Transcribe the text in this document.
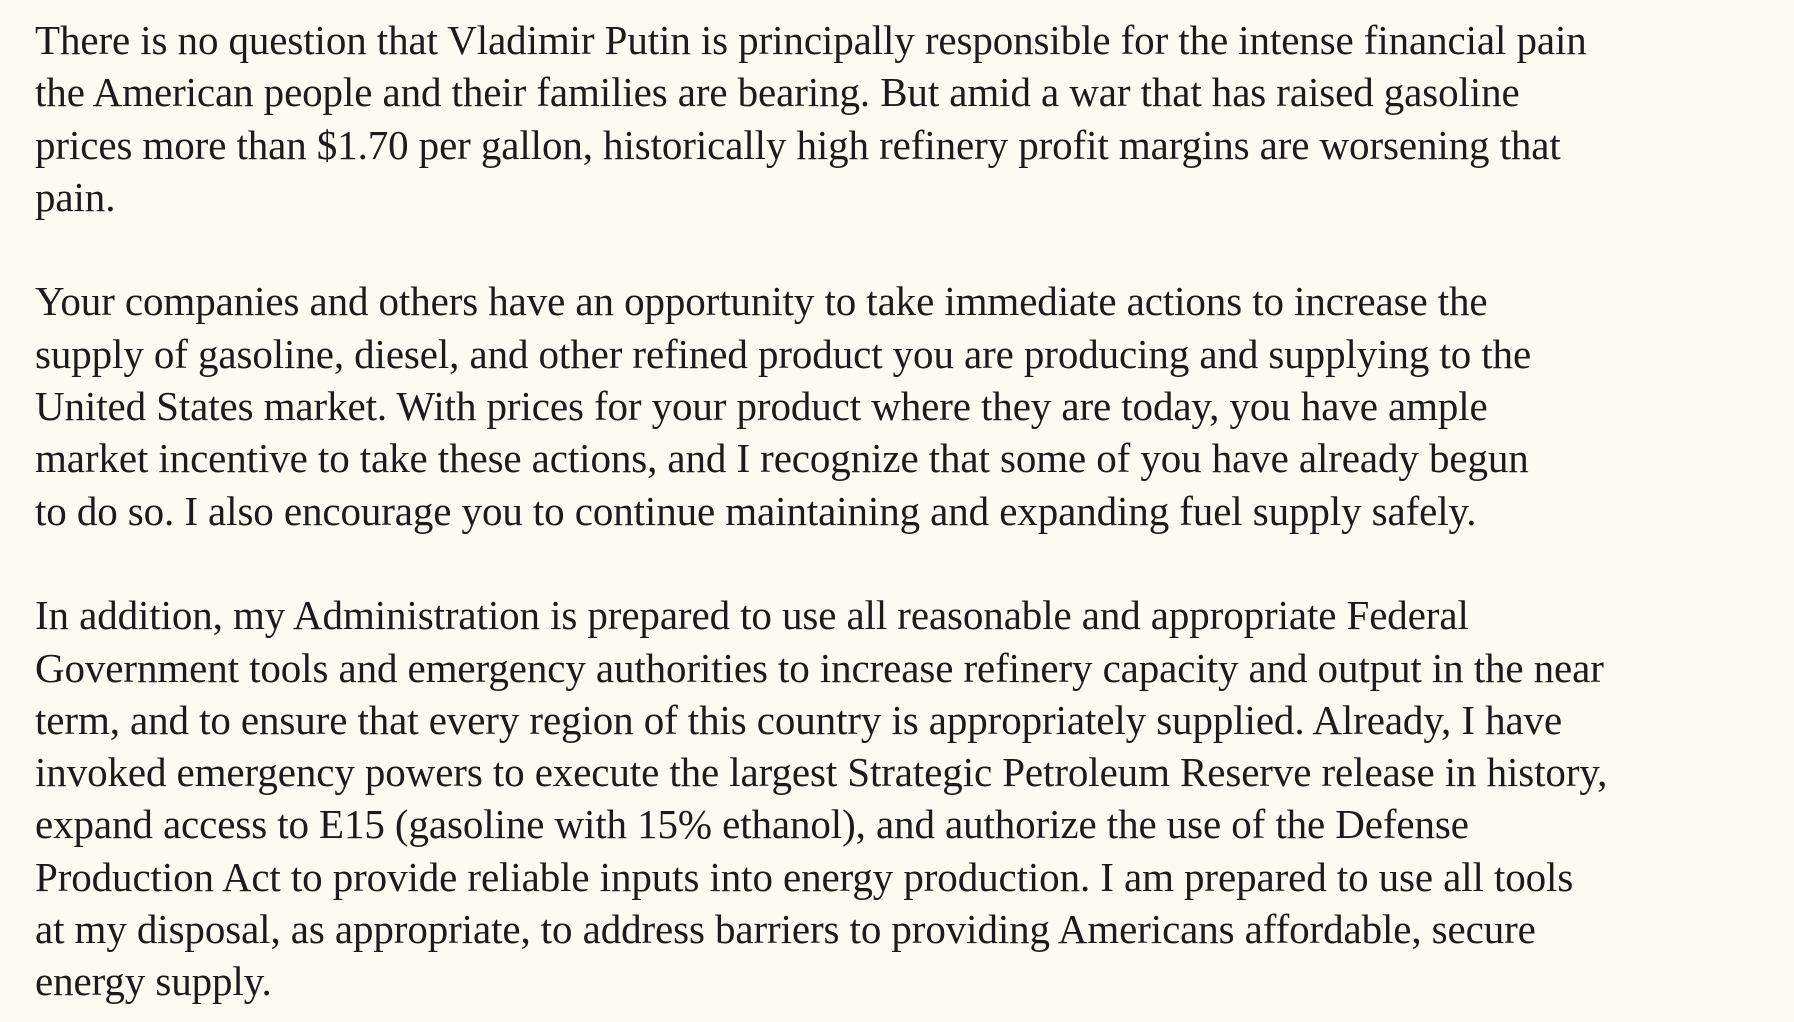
There is no question that Vladimir Putin is principally responsible for the intense financial pain
the American people and their families are bearing. But amid a war that has raised gasoline
prices more than $1.70 per gallon, historically high refinery profit margins are worsening that
pain.

Your companies and others have an opportunity to take immediate actions to increase the
supply of gasoline, diesel, and other refined product you are producing and supplying to the
United States market. With prices for your product where they are today, you have ample
market incentive to take these actions, and I recognize that some of you have already begun
to do so. I also encourage you to continue maintaining and expanding fuel supply safely.

In addition, my Administration is prepared to use all reasonable and appropriate Federal
Government tools and emergency authorities to increase refinery capacity and output in the near
term, and to ensure that every region of this country is appropriately supplied. Already, I have
invoked emergency powers to execute the largest Strategic Petroleum Reserve release in history,
expand access to E15 (gasoline with 15% ethanol), and authorize the use of the Defense
Production Act to provide reliable inputs into energy production. I am prepared to use all tools
at my disposal, as appropriate, to address barriers to providing Americans affordable, secure
energy supply.
